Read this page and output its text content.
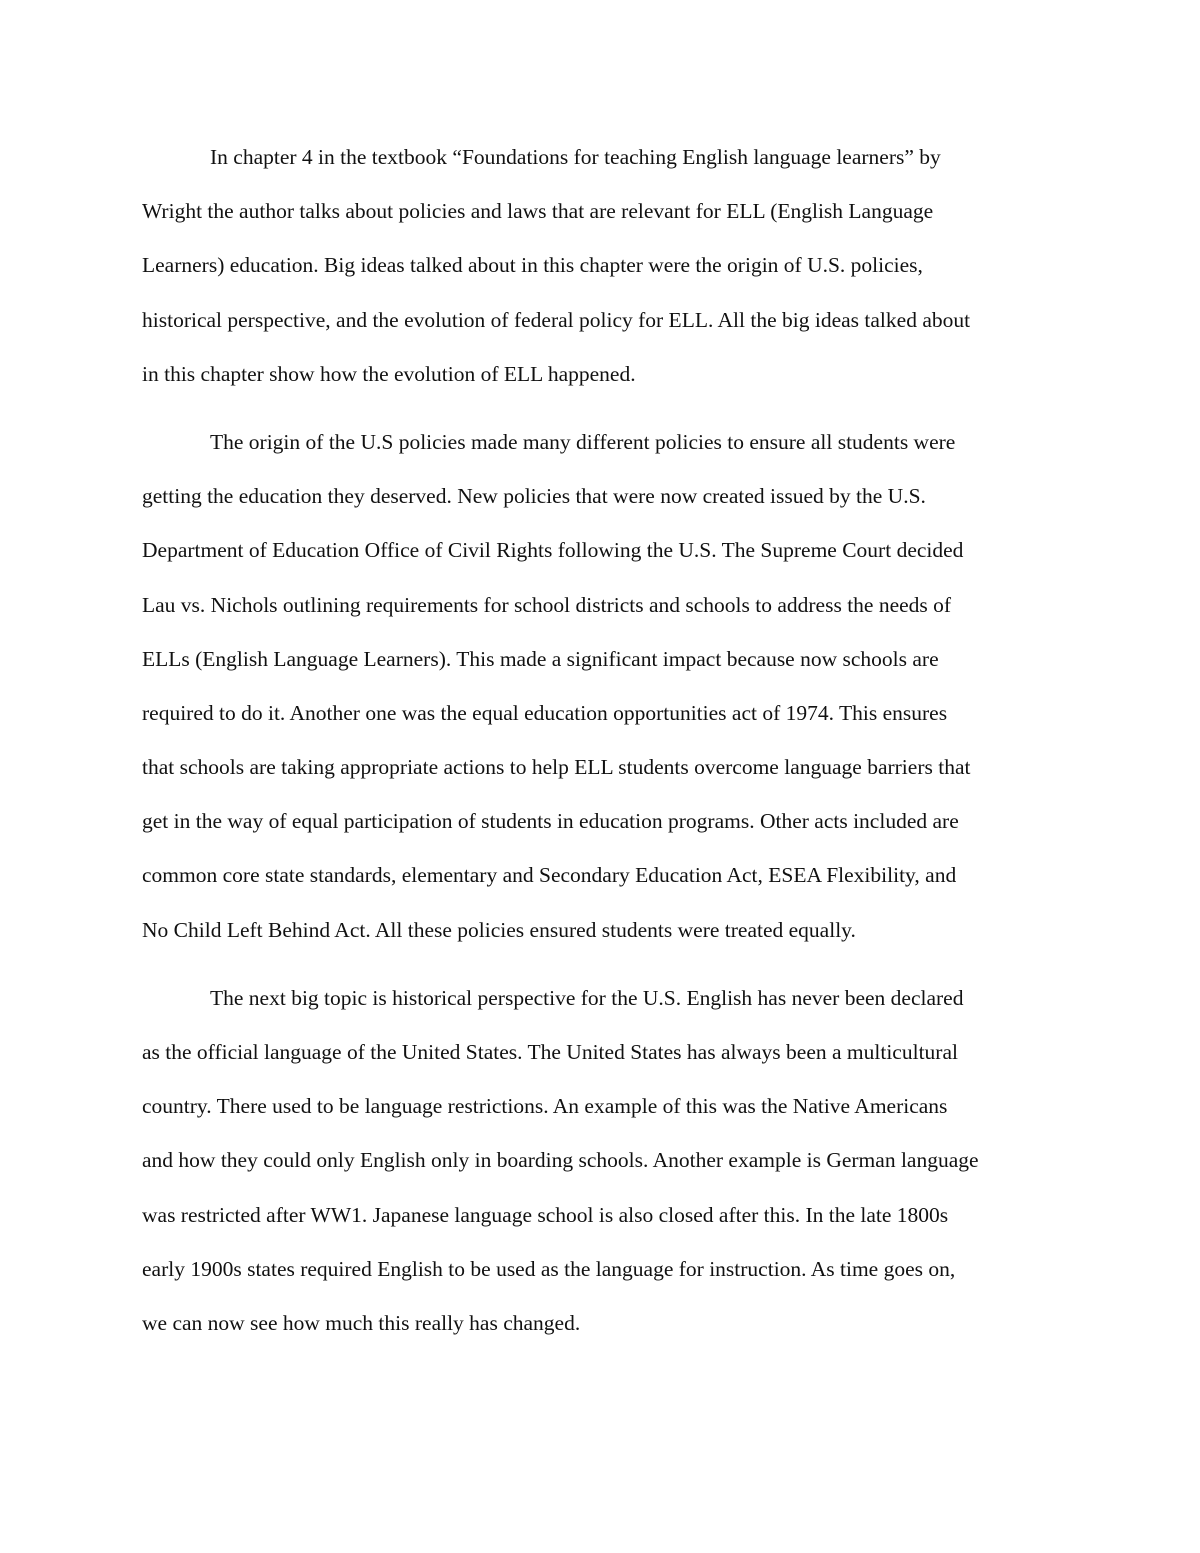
In chapter 4 in the textbook “Foundations for teaching English language learners” by
Wright the author talks about policies and laws that are relevant for ELL (English Language
Learners) education. Big ideas talked about in this chapter were the origin of U.S. policies,
historical perspective, and the evolution of federal policy for ELL. All the big ideas talked about
in this chapter show how the evolution of ELL happened.
The origin of the U.S policies made many different policies to ensure all students were
getting the education they deserved. New policies that were now created issued by the U.S.
Department of Education Office of Civil Rights following the U.S. The Supreme Court decided
Lau vs. Nichols outlining requirements for school districts and schools to address the needs of
ELLs (English Language Learners). This made a significant impact because now schools are
required to do it. Another one was the equal education opportunities act of 1974. This ensures
that schools are taking appropriate actions to help ELL students overcome language barriers that
get in the way of equal participation of students in education programs. Other acts included are
common core state standards, elementary and Secondary Education Act, ESEA Flexibility, and
No Child Left Behind Act. All these policies ensured students were treated equally.
The next big topic is historical perspective for the U.S. English has never been declared
as the official language of the United States. The United States has always been a multicultural
country. There used to be language restrictions. An example of this was the Native Americans
and how they could only English only in boarding schools. Another example is German language
was restricted after WW1. Japanese language school is also closed after this. In the late 1800s
early 1900s states required English to be used as the language for instruction. As time goes on,
we can now see how much this really has changed.
